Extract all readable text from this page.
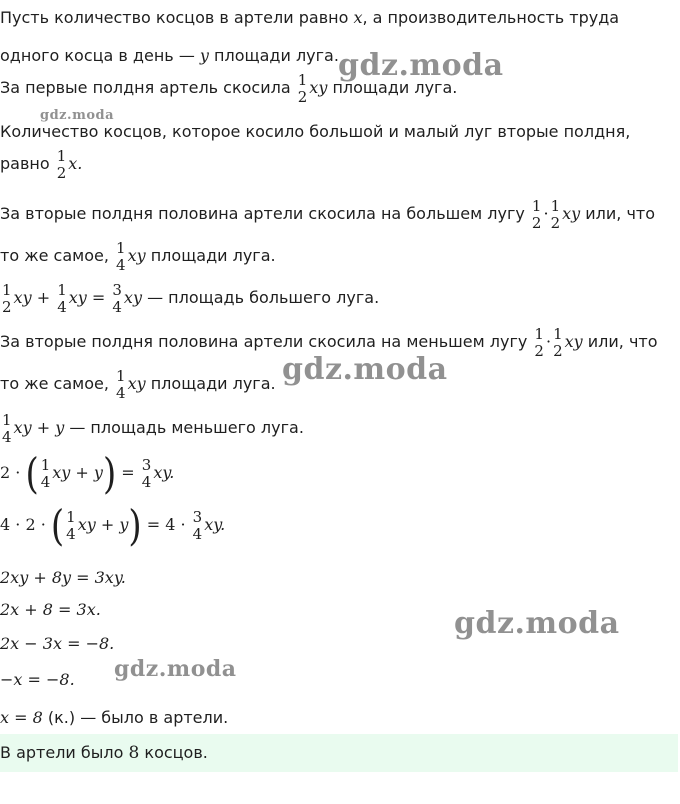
Пусть количество косцов в артели равно x, а производительность труда
одного косца в день — y площади луга.
За первые полдня артель скосила 1
2 xy площади луга.
Количество косцов, которое косило большой и малый луг вторые полдня,
равно 1
2 x.
За вторые полдня половина артели скосила на большем лугу 1
2 · 1
2 xy или, что
то же самое, 1
4 xy площади луга.
1
2 xy + 1
4 xy = 3
4 xy — площадь большего луга.
За вторые полдня половина артели скосила на меньшем лугу 1
2 · 1
2 xy или, что
то же самое, 1
4 xy площади луга.
1
4 xy + y — площадь меньшего луга.
2 · ( 1
4 xy + y) = 3
4 xy.
4 · 2 · ( 1
4 xy + y) = 4 · 3
4 xy.
2xy + 8y = 3xy.
2x + 8 = 3x.
2x − 3x = −8.
−x = −8.
x = 8 (к.) — было в артели.
В артели было 8 косцов.
gdz.moda
gdz.moda
gdz.moda
gdz.moda
gdz.moda
